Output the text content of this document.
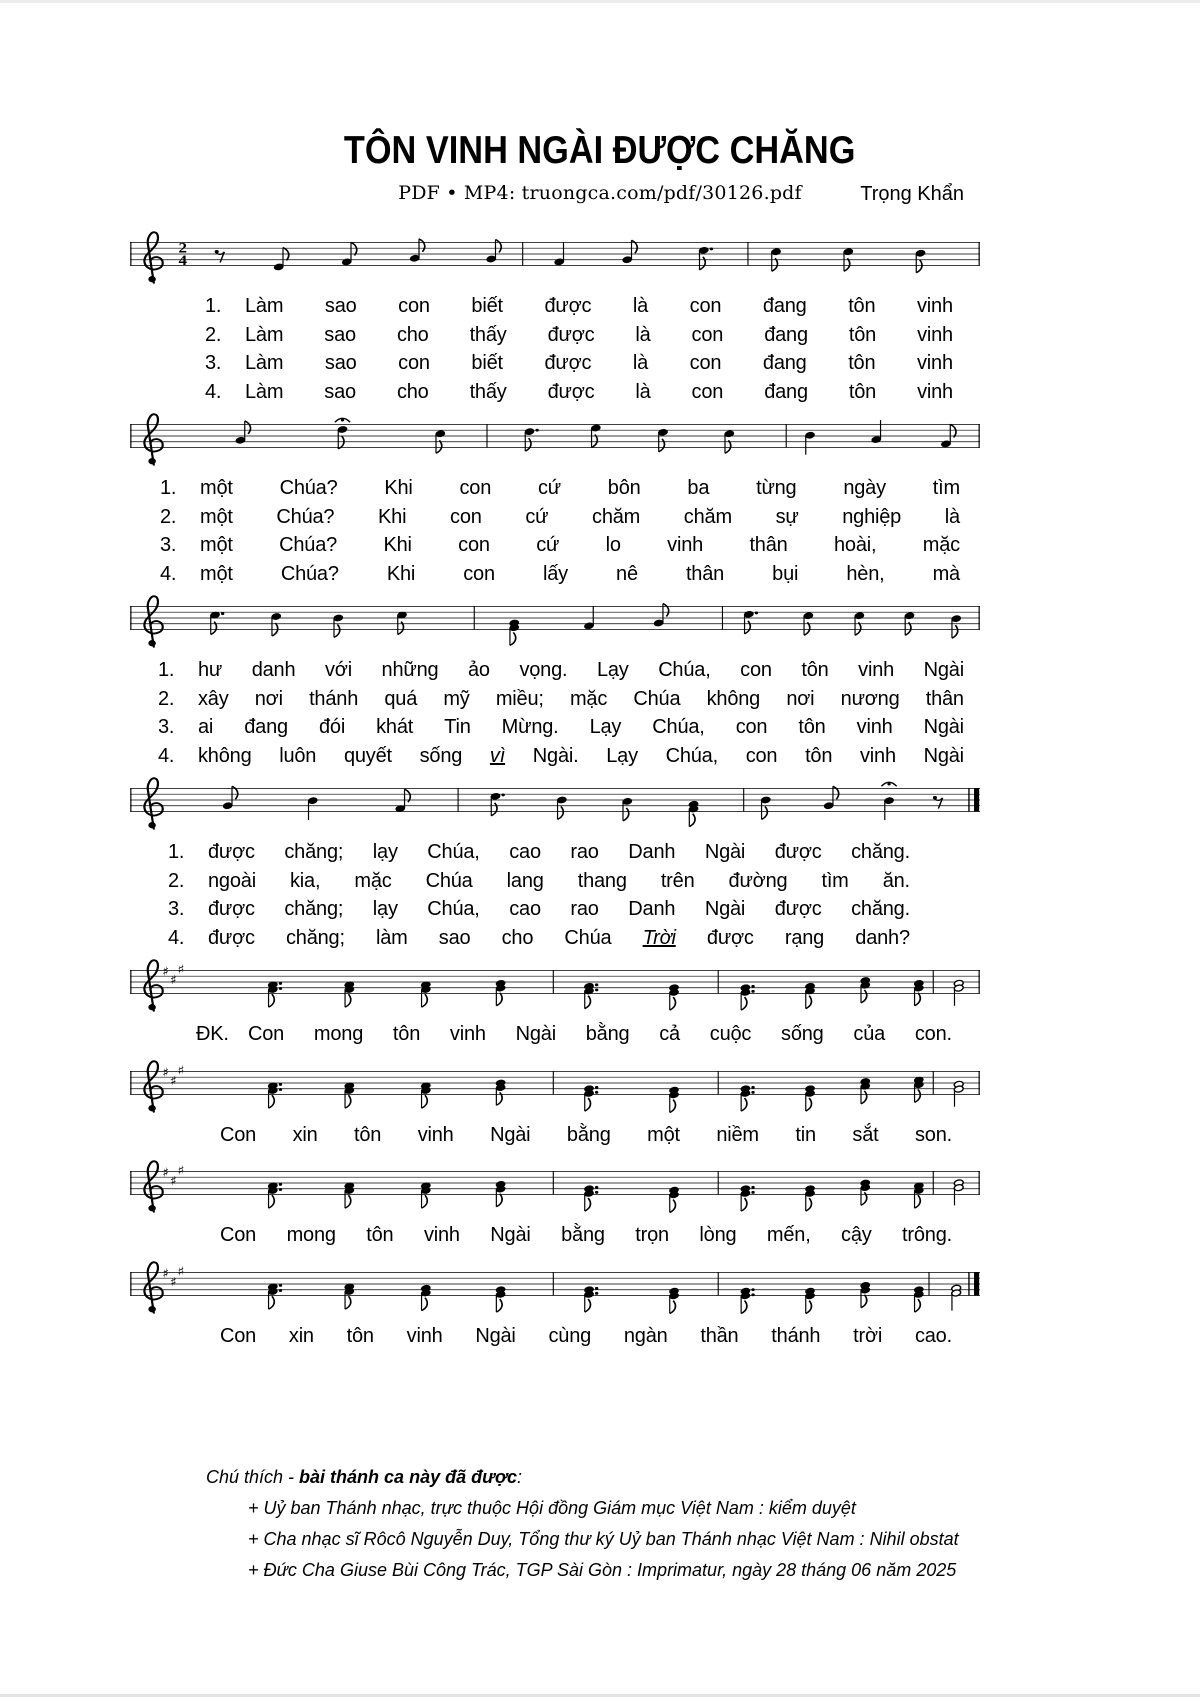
TÔN VINH NGÀI ĐƯỢC CHĂNG
PDF • MP4: truongca.com/pdf/30126.pdf	Trọng Khẩn
2
4
1.	Làm sao con biết được là con đang tôn vinh
2.	Làm sao cho thấy được là con đang tôn vinh
3.	Làm sao con biết được là con đang tôn vinh
4.	Làm sao cho thấy được là con đang tôn vinh
1.	một Chúa? Khi con cứ bôn ba từng ngày tìm
2.	một Chúa? Khi con cứ chăm chăm sự nghiệp là
3.	một Chúa? Khi con cứ lo vinh thân hoài, mặc
4.	một Chúa? Khi con lấy nê thân bụi hèn, mà
1.	hư danh với những ảo vọng. Lạy Chúa, con tôn vinh Ngài
2.	xây nơi thánh quá mỹ miều; mặc Chúa không nơi nương thân
3.	ai đang đói khát Tin Mừng. Lạy Chúa, con tôn vinh Ngài
4.	không luôn quyết sống vì Ngài. Lạy Chúa, con tôn vinh Ngài
1.	được chăng; lạy Chúa, cao rao Danh Ngài được chăng.
2.	ngoài kia, mặc Chúa lang thang trên đường tìm ăn.
3.	được chăng; lạy Chúa, cao rao Danh Ngài được chăng.
4.	được chăng; làm sao cho Chúa Trời được rạng danh?
♯
♯
♯
ĐK. Con mong tôn vinh Ngài bằng cả cuộc sống của con.
♯
♯
♯
Con xin tôn vinh Ngài bằng một niềm tin sắt son.
♯
♯
♯
Con mong tôn vinh Ngài bằng trọn lòng mến, cậy trông.
♯
♯
♯
Con xin tôn vinh Ngài cùng ngàn thần thánh trời cao.
Chú thích - bài thánh ca này đã được:
+ Uỷ ban Thánh nhạc, trực thuộc Hội đồng Giám mục Việt Nam : kiểm duyệt
+ Cha nhạc sĩ Rôcô Nguyễn Duy, Tổng thư ký Uỷ ban Thánh nhạc Việt Nam : Nihil obstat
+ Đức Cha Giuse Bùi Công Trác, TGP Sài Gòn : Imprimatur, ngày 28 tháng 06 năm 2025
